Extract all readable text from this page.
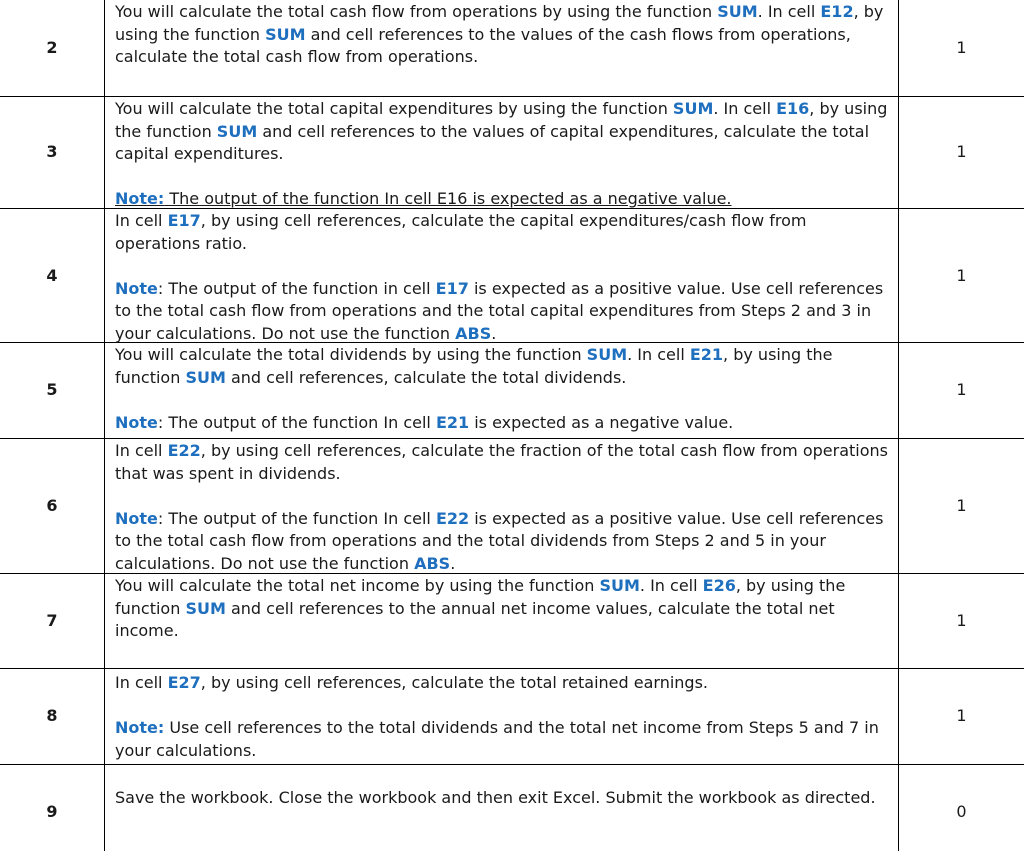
2

You will calculate the total cash flow from operations by using the function SUM. In cell E12, by using the function SUM and cell references to the values of the cash flows from operations, calculate the total cash flow from operations.	1
3

You will calculate the total capital expenditures by using the function SUM. In cell E16, by using the function SUM and cell references to the values of capital expenditures, calculate the total capital expenditures.

Note: The output of the function In cell E16 is expected as a negative value.

1
4

In cell E17, by using cell references, calculate the capital expenditures/cash flow from operations ratio.

Note: The output of the function in cell E17 is expected as a positive value. Use cell references to the total cash flow from operations and the total capital expenditures from Steps 2 and 3 in your calculations. Do not use the function ABS.

1
5

You will calculate the total dividends by using the function SUM. In cell E21, by using the function SUM and cell references, calculate the total dividends.

Note: The output of the function In cell E21 is expected as a negative value.

1
6

In cell E22, by using cell references, calculate the fraction of the total cash flow from operations that was spent in dividends.

Note: The output of the function In cell E22 is expected as a positive value. Use cell references to the total cash flow from operations and the total dividends from Steps 2 and 5 in your calculations. Do not use the function ABS.

1
7

You will calculate the total net income by using the function SUM. In cell E26, by using the function SUM and cell references to the annual net income values, calculate the total net income.

1
8

In cell E27, by using cell references, calculate the total retained earnings.

Note: Use cell references to the total dividends and the total net income from Steps 5 and 7 in your calculations.

1
9

Save the workbook. Close the workbook and then exit Excel. Submit the workbook as directed.

0
